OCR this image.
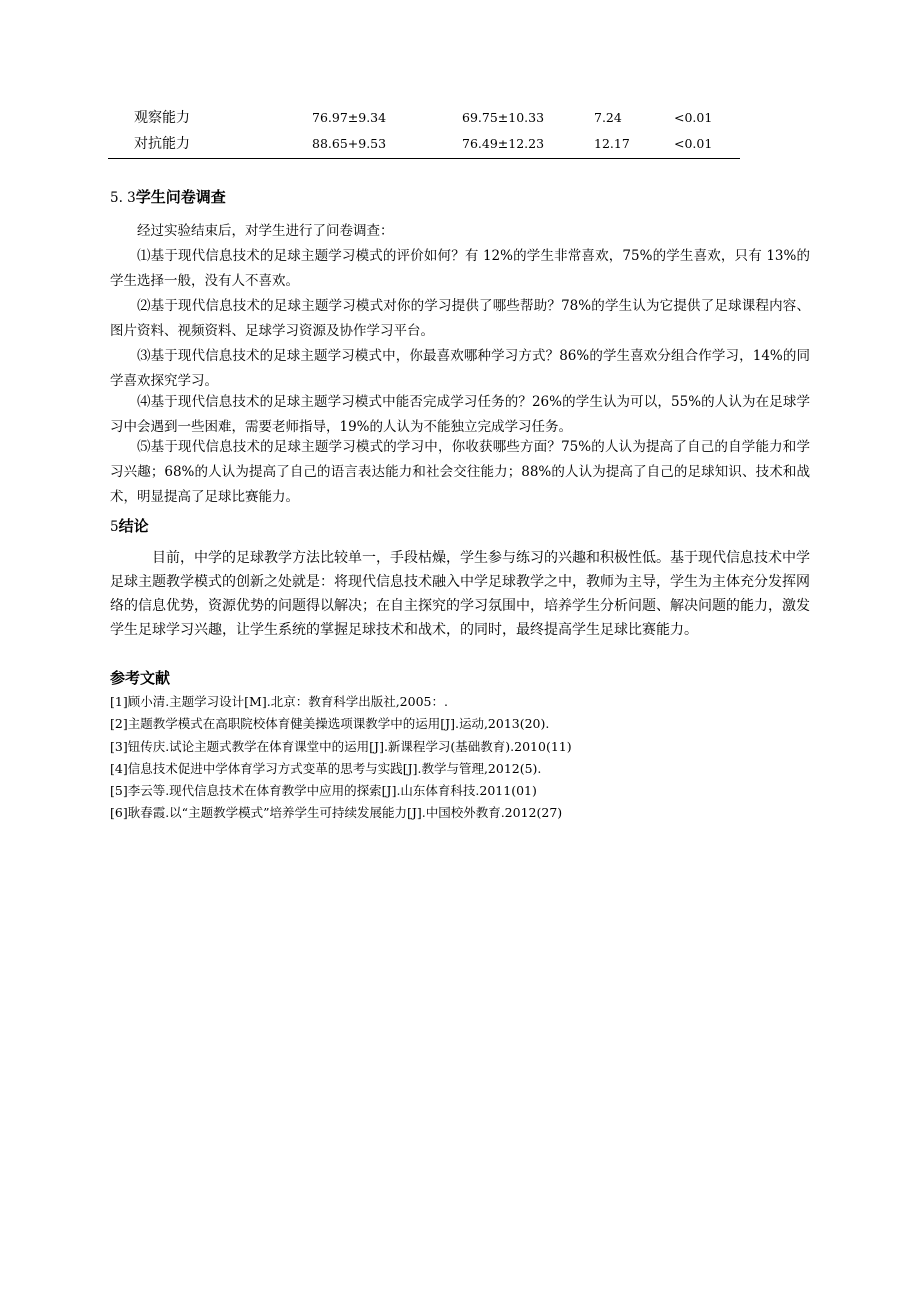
观察能力	76.97±9.34	69.75±10.33	7.24	<0.01
对抗能力	88.65+9.53	76.49±12.23	12.17	<0.01
5. 3学生问卷调查

经过实验结束后，对学生进行了问卷调查：

⑴基于现代信息技术的足球主题学习模式的评价如何？有 12%的学生非常喜欢，75%的学生喜欢，只有 13%的学生选择一般，没有人不喜欢。

⑵基于现代信息技术的足球主题学习模式对你的学习提供了哪些帮助？78%的学生认为它提供了足球课程内容、图片资料、视频资料、足球学习资源及协作学习平台。

⑶基于现代信息技术的足球主题学习模式中，你最喜欢哪种学习方式？86%的学生喜欢分组合作学习，14%的同学喜欢探究学习。

⑷基于现代信息技术的足球主题学习模式中能否完成学习任务的？26%的学生认为可以，55%的人认为在足球学习中会遇到一些困难，需要老师指导，19%的人认为不能独立完成学习任务。

⑸基于现代信息技术的足球主题学习模式的学习中，你收获哪些方面？75%的人认为提高了自己的自学能力和学习兴趣；68%的人认为提高了自己的语言表达能力和社会交往能力；88%的人认为提高了自己的足球知识、技术和战术，明显提高了足球比赛能力。

5结论

目前，中学的足球教学方法比较单一，手段枯燥，学生参与练习的兴趣和积极性低。基于现代信息技术中学足球主题教学模式的创新之处就是：将现代信息技术融入中学足球教学之中，教师为主导，学生为主体充分发挥网络的信息优势，资源优势的问题得以解决；在自主探究的学习氛围中，培养学生分析问题、解决问题的能力，激发学生足球学习兴趣，让学生系统的掌握足球技术和战术，的同时，最终提高学生足球比赛能力。

参考文献
[1]顾小清.主题学习设计[M].北京：教育科学出版社,2005：.
[2]主题教学模式在高职院校体育健美操选项课教学中的运用[J].运动,2013(20).
[3]钮传庆.试论主题式教学在体育课堂中的运用[J].新课程学习(基础教育).2010(11)
[4]信息技术促进中学体育学习方式变革的思考与实践[J].教学与管理,2012(5).
[5]李云等.现代信息技术在体育教学中应用的探索[J].山东体育科技.2011(01)
[6]耿春霞.以“主题教学模式”培养学生可持续发展能力[J].中国校外教育.2012(27)
